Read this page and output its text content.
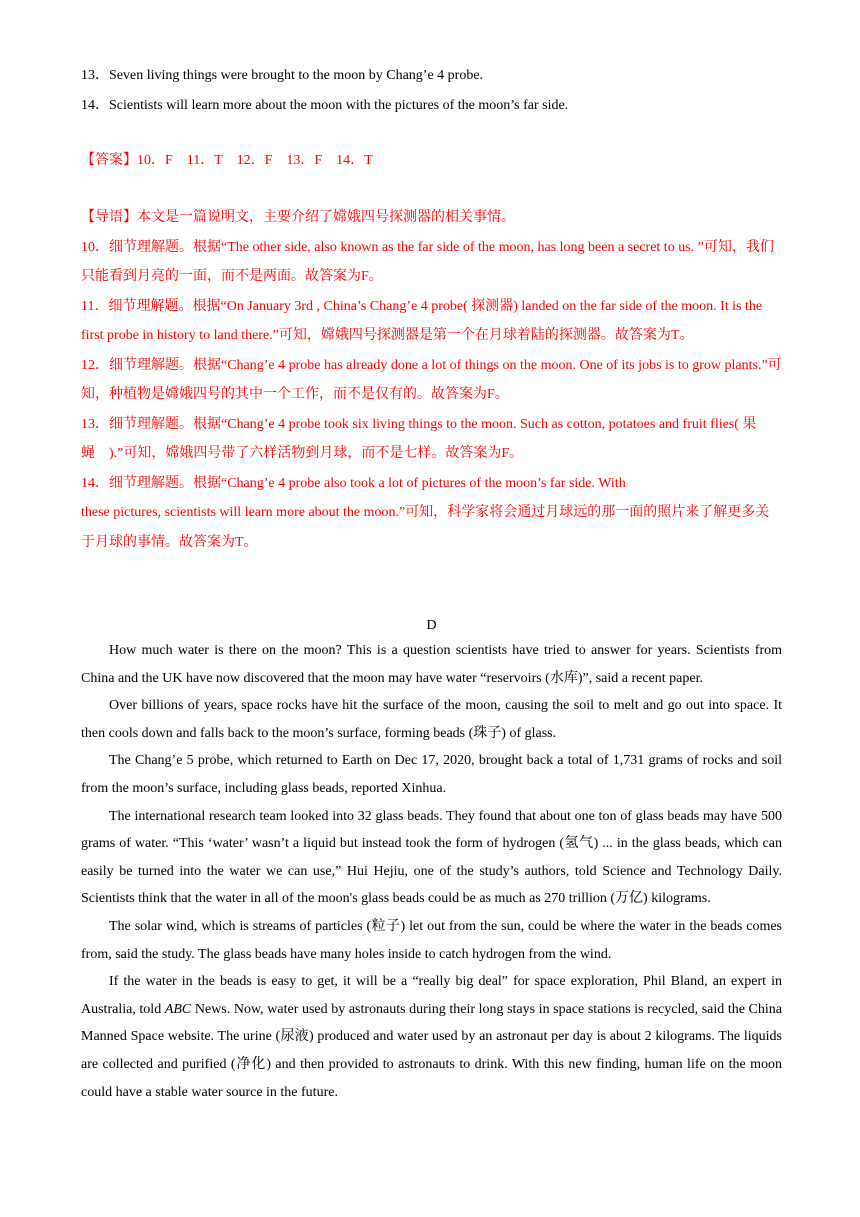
13．Seven living things were brought to the moon by Chang’e 4 probe.

14．Scientists will learn more about the moon with the pictures of the moon’s far side.

【答案】10．F　11．T　12．F　13．F　14．T

【导语】本文是一篇说明文，主要介绍了嫦娥四号探测器的相关事情。

10．细节理解题。根据“The other side, also known as the far side of the moon, has long been a secret to us. ”可知，我们只能看到月亮的一面，而不是两面。故答案为F。

11．细节理解题。根据“On January 3rd , China’s Chang’e 4 probe( 探测器) landed on the far side of the moon. It is the first probe in history to land there.”可知，嫦娥四号探测器是第一个在月球着陆的探测器。故答案为T。

12．细节理解题。根据“Chang’e 4 probe has already done a lot of things on the moon. One of its jobs is to grow plants.”可知，种植物是嫦娥四号的其中一个工作，而不是仅有的。故答案为F。

13．细节理解题。根据“Chang’e 4 probe took six living things to the moon. Such as cotton, potatoes and fruit flies( 果蝇　).”可知，嫦娥四号带了六样活物到月球，而不是七样。故答案为F。

14．细节理解题。根据“Chang’e 4 probe also took a lot of pictures of the moon’s far side. With

these pictures, scientists will learn more about the moon.”可知，科学家将会通过月球远的那一面的照片来了解更多关于月球的事情。故答案为T。

D

How much water is there on the moon? This is a question scientists have tried to answer for years. Scientists from China and the UK have now discovered that the moon may have water “reservoirs (水库)”, said a recent paper.

Over billions of years, space rocks have hit the surface of the moon, causing the soil to melt and go out into space. It then cools down and falls back to the moon’s surface, forming beads (珠子) of glass.

The Chang’e 5 probe, which returned to Earth on Dec 17, 2020, brought back a total of 1,731 grams of rocks and soil from the moon’s surface, including glass beads, reported Xinhua.

The international research team looked into 32 glass beads. They found that about one ton of glass beads may have 500 grams of water. “This ‘water’ wasn’t a liquid but instead took the form of hydrogen (氢气) ... in the glass beads, which can easily be turned into the water we can use,” Hui Hejiu, one of the study’s authors, told Science and Technology Daily. Scientists think that the water in all of the moon's glass beads could be as much as 270 trillion (万亿) kilograms.

The solar wind, which is streams of particles (粒子) let out from the sun, could be where the water in the beads comes from, said the study. The glass beads have many holes inside to catch hydrogen from the wind.

If the water in the beads is easy to get, it will be a “really big deal” for space exploration, Phil Bland, an expert in Australia, told ABC News. Now, water used by astronauts during their long stays in space stations is recycled, said the China Manned Space website. The urine (尿液) produced and water used by an astronaut per day is about 2 kilograms. The liquids are collected and purified (净化) and then provided to astronauts to drink. With this new finding, human life on the moon could have a stable water source in the future.
